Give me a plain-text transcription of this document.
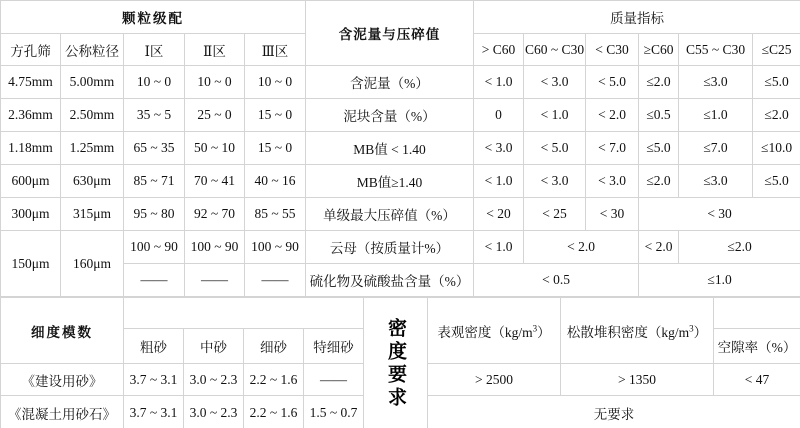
颗粒级配					含泥量与压碎值	质量指标					
方孔筛	公称粒径	Ⅰ区	Ⅱ区	Ⅲ区		> C60	C60 ~ C30	< C30	≥C60	C55 ~ C30	≤C25
4.75mm	5.00mm	10 ~ 0	10 ~ 0	10 ~ 0	含泥量（%）	< 1.0	< 3.0	< 5.0	≤2.0	≤3.0	≤5.0
2.36mm	2.50mm	35 ~ 5	25 ~ 0	15 ~ 0	泥块含量（%）	0	< 1.0	< 2.0	≤0.5	≤1.0	≤2.0
1.18mm	1.25mm	65 ~ 35	50 ~ 10	15 ~ 0	MB值 < 1.40	< 3.0	< 5.0	< 7.0	≤5.0	≤7.0	≤10.0
600μm	630μm	85 ~ 71	70 ~ 41	40 ~ 16	MB值≥1.40	< 1.0	< 3.0	< 3.0	≤2.0	≤3.0	≤5.0
300μm	315μm	95 ~ 80	92 ~ 70	85 ~ 55	单级最大压碎值（%）	< 20	< 25	< 30	< 30		
150μm	160μm	100 ~ 90	100 ~ 90	100 ~ 90	云母（按质量计%）	< 1.0	< 2.0		< 2.0	≤2.0	
		——	——	——	硫化物及硫酸盐含量（%）	< 0.5			≤1.0		
细度模数					密度要求	表观密度$(kg/m^3)$	松散堆积密度$(kg/m^3)$	
	粗砂	中砂	细砂	特细砂				空隙率（%）
《建设用砂》	3.7 ~ 3.1	3.0 ~ 2.3	2.2 ~ 1.6	——		> 2500	> 1350	< 47
《混凝土用砂石》	3.7 ~ 3.1	3.0 ~ 2.3	2.2 ~ 1.6	1.5 ~ 0.7		无要求		
